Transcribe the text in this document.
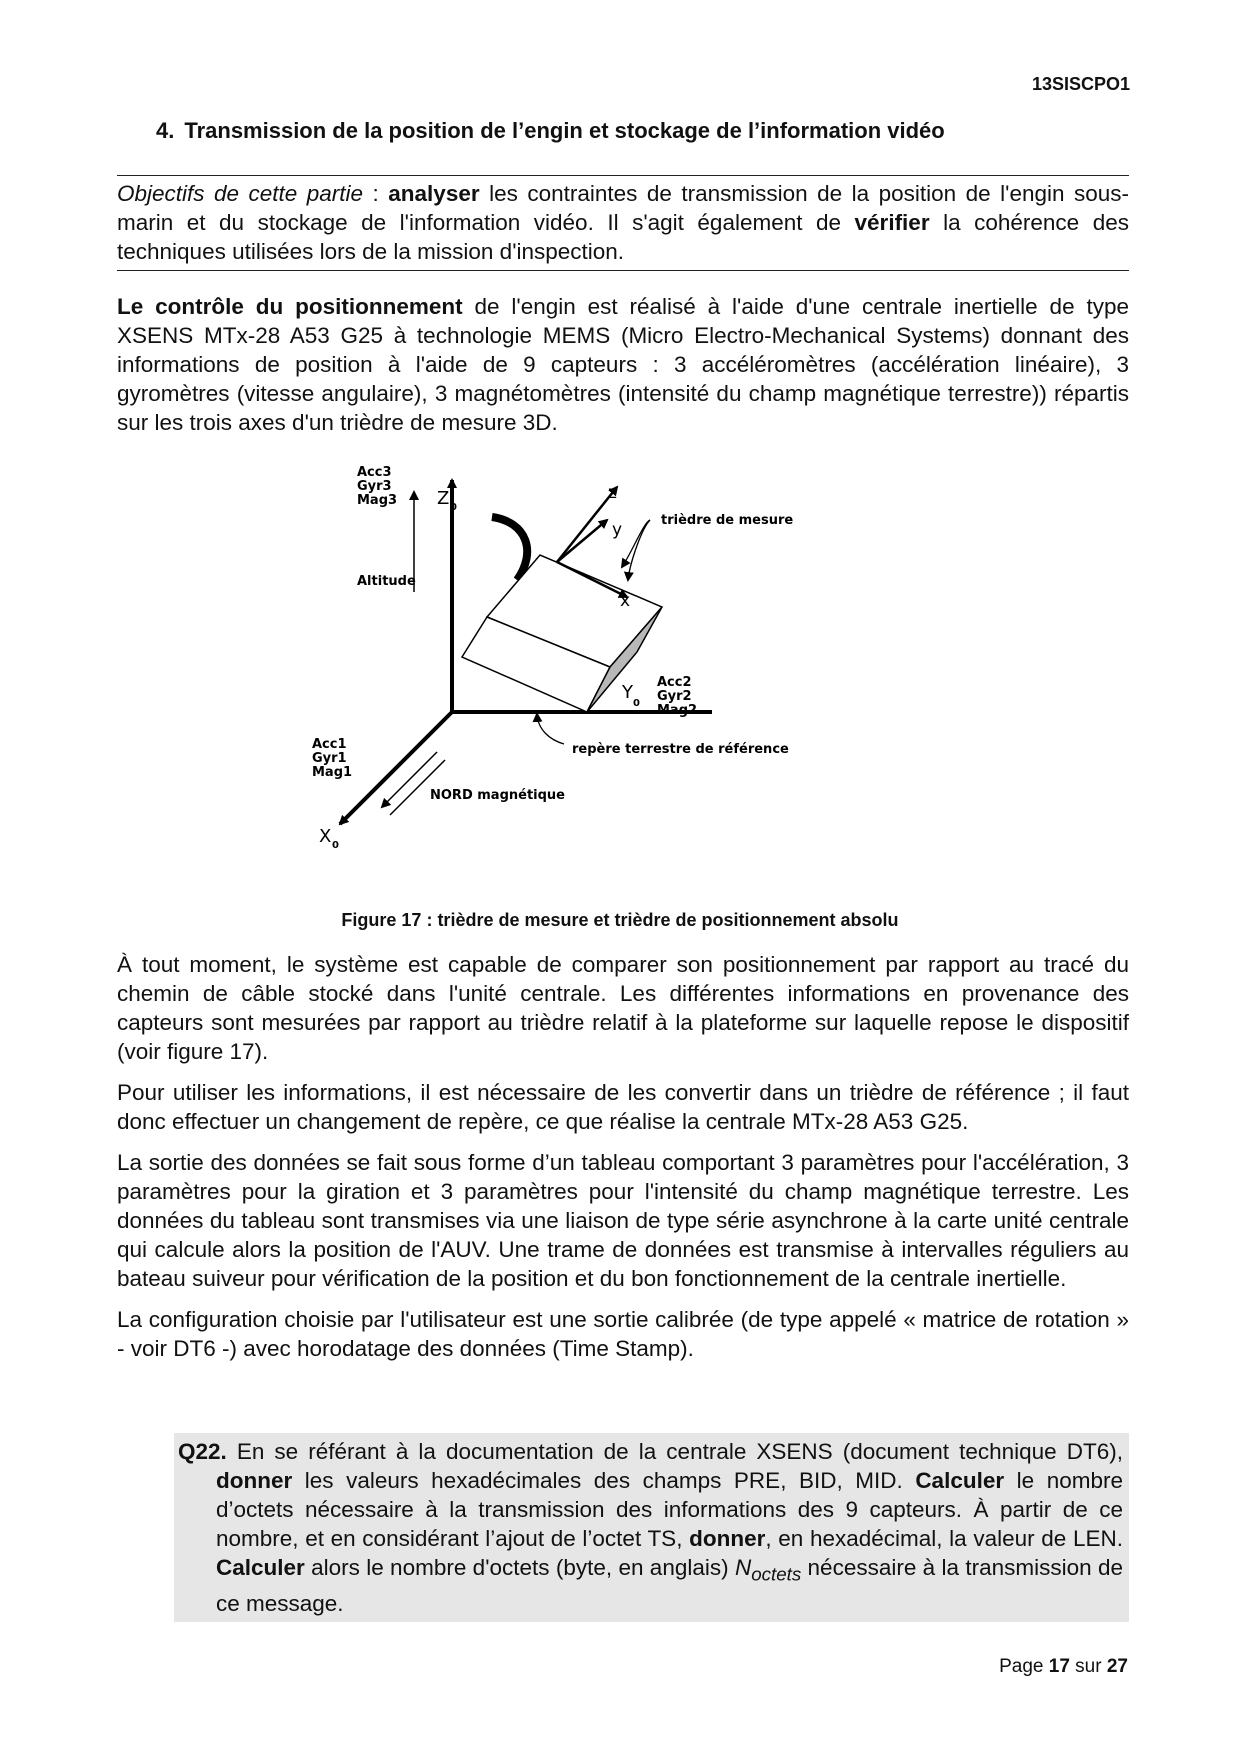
13SISCPO1
4. Transmission de la position de l’engin et stockage de l’information vidéo

Objectifs de cette partie : analyser les contraintes de transmission de la position de l'engin sous-marin et du stockage de l'information vidéo. Il s'agit également de vérifier la cohérence des techniques utilisées lors de la mission d'inspection.

Le contrôle du positionnement de l'engin est réalisé à l'aide d'une centrale inertielle de type XSENS MTx-28 A53 G25 à technologie MEMS (Micro Electro-Mechanical Systems) donnant des informations de position à l'aide de 9 capteurs : 3 accéléromètres (accélération linéaire), 3 gyromètres (vitesse angulaire), 3 magnétomètres (intensité du champ magnétique terrestre)) répartis sur les trois axes d'un trièdre de mesure 3D.

Acc3
Gyr3
Mag3 Z 0
Altitude
z
y
x
trièdre de mesure
Y
0
Acc2
Gyr2
Mag2
Acc1
Gyr1
Mag1
repère terrestre de référence
NORD magnétique
X 0
Figure 17 : trièdre de mesure et trièdre de positionnement absolu

À tout moment, le système est capable de comparer son positionnement par rapport au tracé du chemin de câble stocké dans l'unité centrale. Les différentes informations en provenance des capteurs sont mesurées par rapport au trièdre relatif à la plateforme sur laquelle repose le dispositif (voir figure 17).

Pour utiliser les informations, il est nécessaire de les convertir dans un trièdre de référence ; il faut donc effectuer un changement de repère, ce que réalise la centrale MTx-28 A53 G25.

La sortie des données se fait sous forme d’un tableau comportant 3 paramètres pour l'accélération, 3 paramètres pour la giration et 3 paramètres pour l'intensité du champ magnétique terrestre. Les données du tableau sont transmises via une liaison de type série asynchrone à la carte unité centrale qui calcule alors la position de l'AUV. Une trame de données est transmise à intervalles réguliers au bateau suiveur pour vérification de la position et du bon fonctionnement de la centrale inertielle.

La configuration choisie par l'utilisateur est une sortie calibrée (de type appelé « matrice de rotation » - voir DT6 -) avec horodatage des données (Time Stamp).

Q22. En se référant à la documentation de la centrale XSENS (document technique DT6), donner les valeurs hexadécimales des champs PRE, BID, MID. Calculer le nombre d’octets nécessaire à la transmission des informations des 9 capteurs. À partir de ce nombre, et en considérant l’ajout de l’octet TS, donner, en hexadécimal, la valeur de LEN. Calculer alors le nombre d'octets (byte, en anglais) $N_{octets}$ nécessaire à la transmission de ce message.

Page 17 sur 27
